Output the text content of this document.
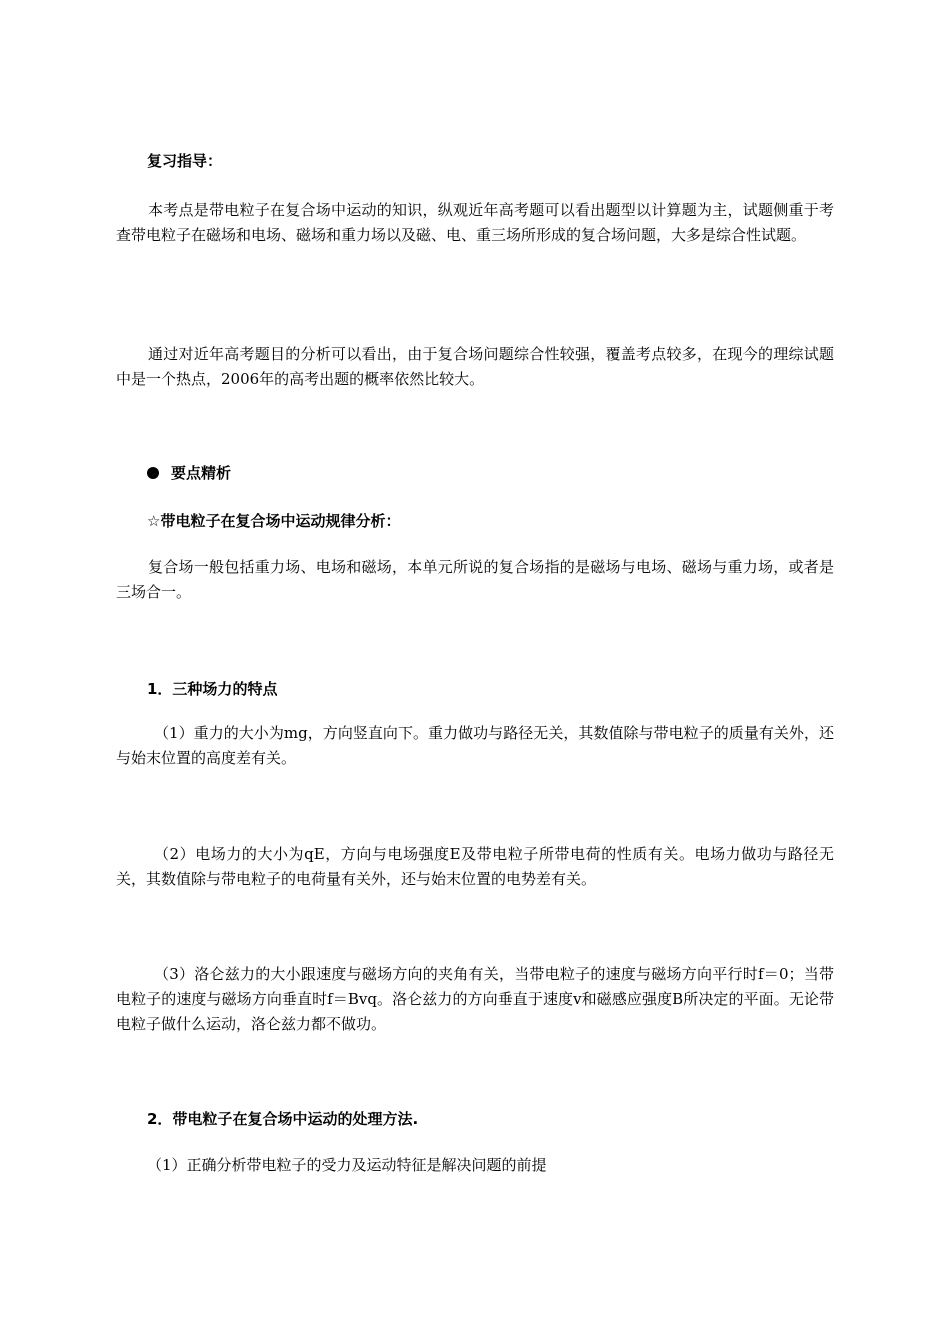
复习指导：
本考点是带电粒子在复合场中运动的知识，纵观近年高考题可以看出题型以计算题为主，试题侧重于考查带电粒子在磁场和电场、磁场和重力场以及磁、电、重三场所形成的复合场问题，大多是综合性试题。
通过对近年高考题目的分析可以看出，由于复合场问题综合性较强，覆盖考点较多，在现今的理综试题中是一个热点，2006年的高考出题的概率依然比较大。
要点精析
☆带电粒子在复合场中运动规律分析：
复合场一般包括重力场、电场和磁场，本单元所说的复合场指的是磁场与电场、磁场与重力场，或者是三场合一。
1．三种场力的特点
（1）重力的大小为mg，方向竖直向下。重力做功与路径无关，其数值除与带电粒子的质量有关外，还与始末位置的高度差有关。
（2）电场力的大小为qE，方向与电场强度E及带电粒子所带电荷的性质有关。电场力做功与路径无关，其数值除与带电粒子的电荷量有关外，还与始末位置的电势差有关。
（3）洛仑兹力的大小跟速度与磁场方向的夹角有关，当带电粒子的速度与磁场方向平行时f＝0；当带电粒子的速度与磁场方向垂直时f＝Bvq。洛仑兹力的方向垂直于速度v和磁感应强度B所决定的平面。无论带电粒子做什么运动，洛仑兹力都不做功。
2．带电粒子在复合场中运动的处理方法.
（1）正确分析带电粒子的受力及运动特征是解决问题的前提
